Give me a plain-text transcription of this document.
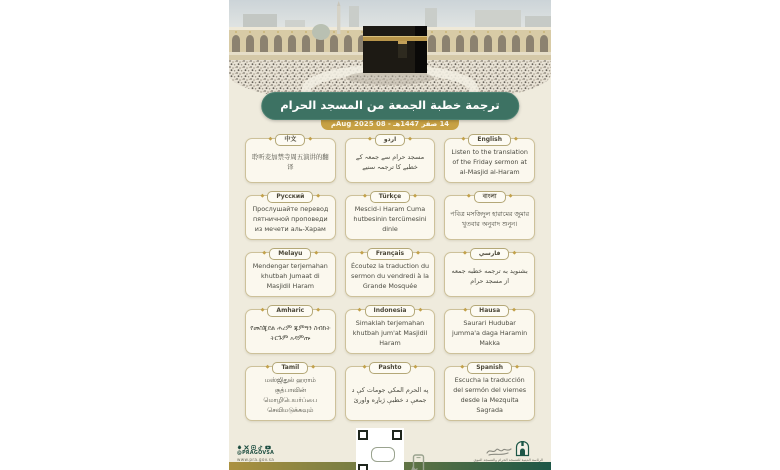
ترجمة خطبة الجمعة من المسجد الحرام
14 صفر 1447هـ - 08 Aug 2025م
◆	中文	◆
聆听麦加禁寺周五演讲的翻译
◆	اردو	◆
مسجد حرام سے جمعہ کے خطبے کا ترجمہ سنیے
◆	English	◆
Listen to the translation of the Friday sermon at al-Masjid al-Haram
◆	Русский	◆
Прослушайте перевод пятничной проповеди из мечети аль-Харам
◆	Türkçe	◆
Mescid-i Haram Cuma hutbesinin tercümesini dinle
◆	বাংলা	◆
পবিত্র মসজিদুল হারামের জুমার খুতবার অনুবাদ শুনুন।
◆	Melayu	◆
Mendengar terjemahan khutbah Jumaat di Masjidil Haram
◆	Français	◆
Écoutez la traduction du sermon du vendredi à la Grande Mosquée
◆	فارسي	◆
بشنوید به ترجمه خطبه جمعه از مسجد حرام
◆	Amharic	◆
የመስጂደል ሐረም ጁምዓን ስብከት ትርጉም አዳምጡ
◆	Indonesia	◆
Simaklah terjemahan khutbah jum'at Masjidil Haram
◆	Hausa	◆
Saurari Hudubar jumma'a daga Haramin Makka
◆	Tamil	◆
மஸ்ஜிதுல் ஹராம் குத்பாவின் மொழிபெயர்ப்பை செவிமடுக்கவும்
◆	Pashto	◆
په الحرم المکي جومات کې د جمعې د خطبې ژباړه واورئ
◆	Spanish	◆
Escucha la traducción del sermón del viernes desde la Mezquita Sagrada
@PRAGOVSA
www.pra.gov.sa	الرئاسة الدينية للمسجد الحرام والمسجد النبوي
